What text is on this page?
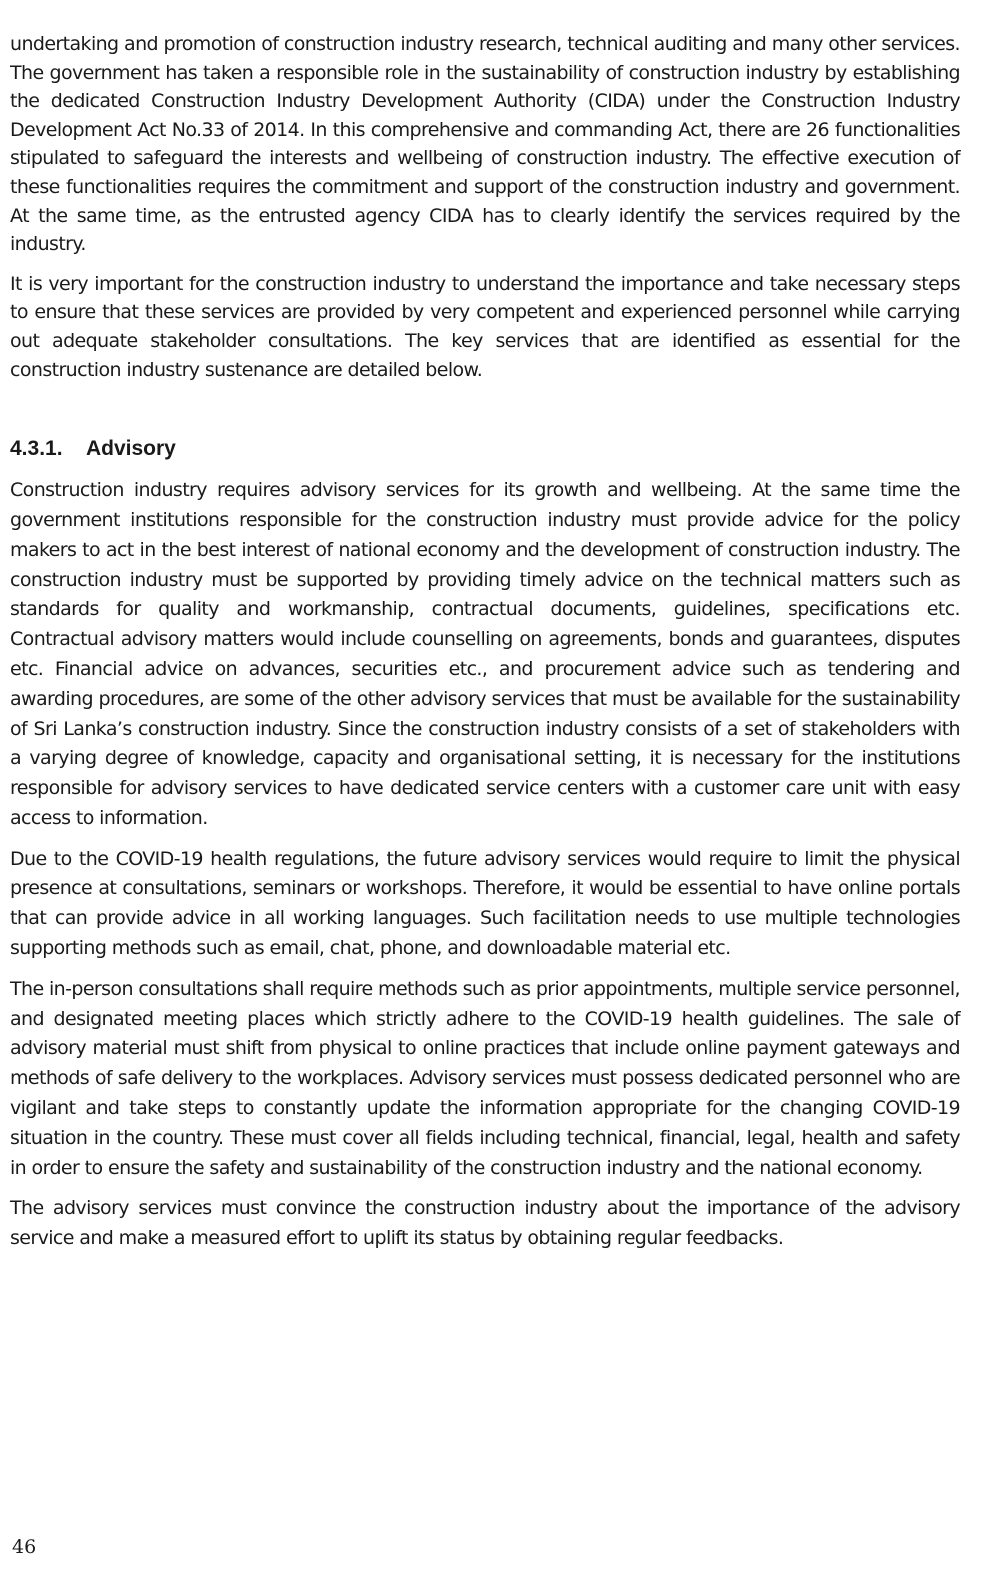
undertaking and promotion of construction industry research, technical auditing and many other services. The government has taken a responsible role in the sustainability of construction industry by establishing the dedicated Construction Industry Development Authority (CIDA) under the Construction Industry Development Act No.33 of 2014. In this comprehensive and commanding Act, there are 26 functionalities stipulated to safeguard the interests and wellbeing of construction industry. The effective execution of these functionalities requires the commitment and support of the construction industry and government. At the same time, as the entrusted agency CIDA has to clearly identify the services required by the industry.

It is very important for the construction industry to understand the importance and take necessary steps to ensure that these services are provided by very competent and experienced personnel while carrying out adequate stakeholder consultations. The key services that are identified as essential for the construction industry sustenance are detailed below.

4.3.1. Advisory

Construction industry requires advisory services for its growth and wellbeing. At the same time the government institutions responsible for the construction industry must provide advice for the policy makers to act in the best interest of national economy and the development of construction industry. The construction industry must be supported by providing timely advice on the technical matters such as standards for quality and workmanship, contractual documents, guidelines, specifications etc. Contractual advisory matters would include counselling on agreements, bonds and guarantees, disputes etc. Financial advice on advances, securities etc., and procurement advice such as tendering and awarding procedures, are some of the other advisory services that must be available for the sustainability of Sri Lanka’s construction industry. Since the construction industry consists of a set of stakeholders with a varying degree of knowledge, capacity and organisational setting, it is necessary for the institutions responsible for advisory services to have dedicated service centers with a customer care unit with easy access to information.

Due to the COVID-19 health regulations, the future advisory services would require to limit the physical presence at consultations, seminars or workshops. Therefore, it would be essential to have online portals that can provide advice in all working languages. Such facilitation needs to use multiple technologies supporting methods such as email, chat, phone, and downloadable material etc.

The in-person consultations shall require methods such as prior appointments, multiple service personnel, and designated meeting places which strictly adhere to the COVID-19 health guidelines. The sale of advisory material must shift from physical to online practices that include online payment gateways and methods of safe delivery to the workplaces. Advisory services must possess dedicated personnel who are vigilant and take steps to constantly update the information appropriate for the changing COVID-19 situation in the country. These must cover all fields including technical, financial, legal, health and safety in order to ensure the safety and sustainability of the construction industry and the national economy.

The advisory services must convince the construction industry about the importance of the advisory service and make a measured effort to uplift its status by obtaining regular feedbacks.

46
